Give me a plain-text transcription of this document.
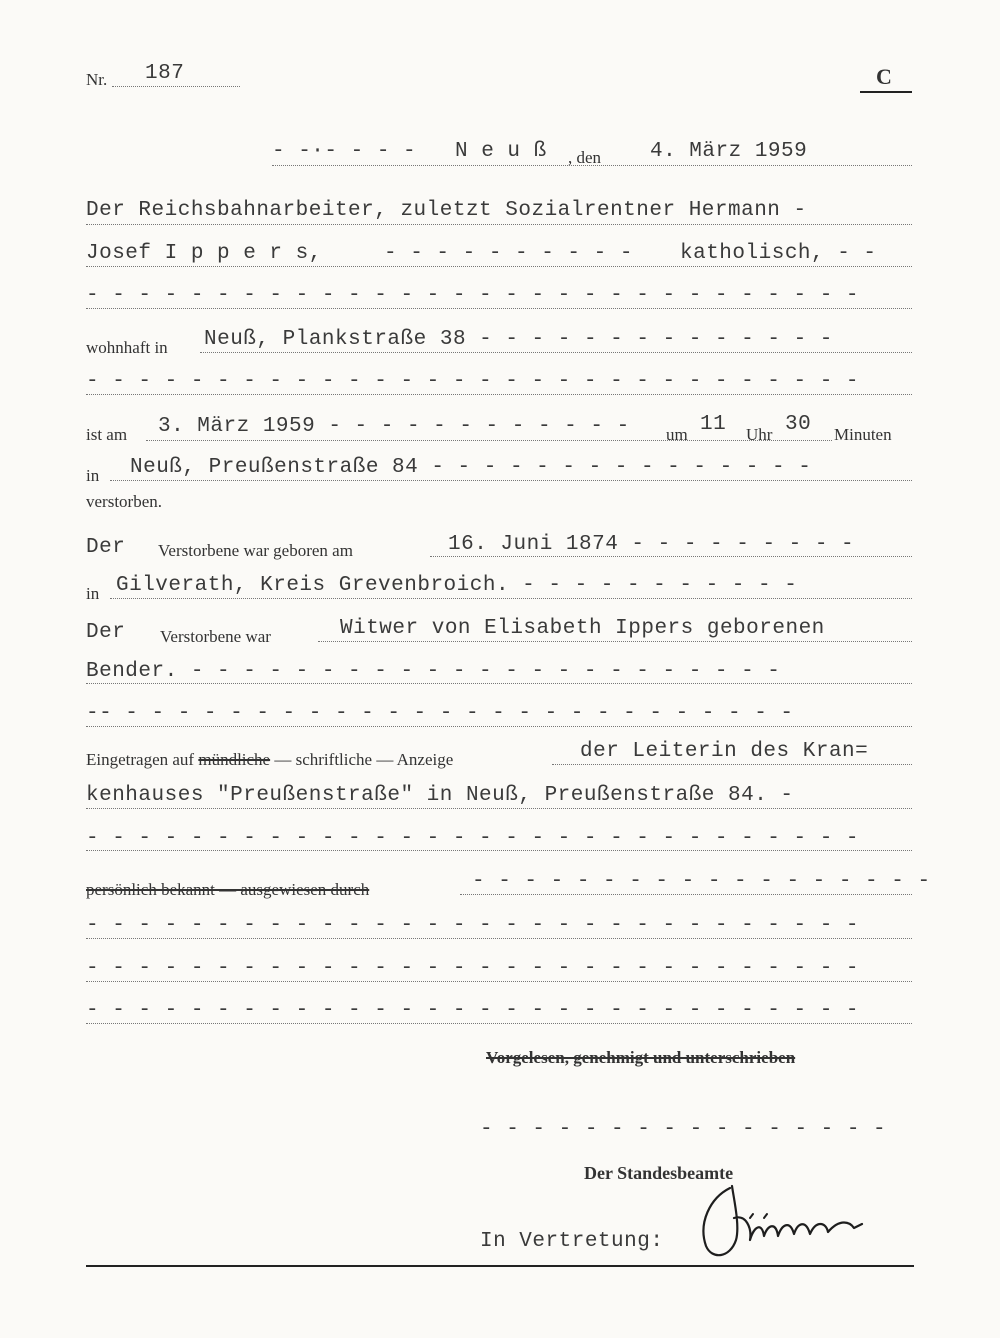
Nr. 187	C
- -·- - - - N e u ß , den 4. März 1959
Der Reichsbahnarbeiter, zuletzt Sozialrentner Hermann -
Josef I p p e r s,	- - - - - - - - - - katholisch, - -
- - - - - - - - - - - - - - - - - - - - - - - - - - - - - -
wohnhaft in Neuß, Plankstraße 38 - - - - - - - - - - - - - -
- - - - - - - - - - - - - - - - - - - - - - - - - - - - - -
ist am 3. März 1959 - - - - - - - - - - - - um 11 Uhr 30 Minuten
in Neuß, Preußenstraße 84 - - - - - - - - - - - - - - -
verstorben.
Der Verstorbene war geboren am	16. Juni 1874 - - - - - - - - -
in Gilverath, Kreis Grevenbroich. - - - - - - - - - - -
Der Verstorbene war	Witwer von Elisabeth Ippers geborenen
Bender. - - - - - - - - - - - - - - - - - - - - - - -
-- - - - - - - - - - - - - - - - - - - - - - - - - - -
Eingetragen auf mündliche — schriftliche — Anzeige	der Leiterin des Kran=
kenhauses "Preußenstraße" in Neuß, Preußenstraße 84. -
- - - - - - - - - - - - - - - - - - - - - - - - - - - - - -
persönlich bekannt — ausgewiesen durch	- - - - - - - - - - - - - - - - - -
- - - - - - - - - - - - - - - - - - - - - - - - - - - - - -
- - - - - - - - - - - - - - - - - - - - - - - - - - - - - -
- - - - - - - - - - - - - - - - - - - - - - - - - - - - - -
Vorgelesen, genehmigt und unterschrieben
- - - - - - - - - - - - - - - -
Der Standesbeamte
In Vertretung:
